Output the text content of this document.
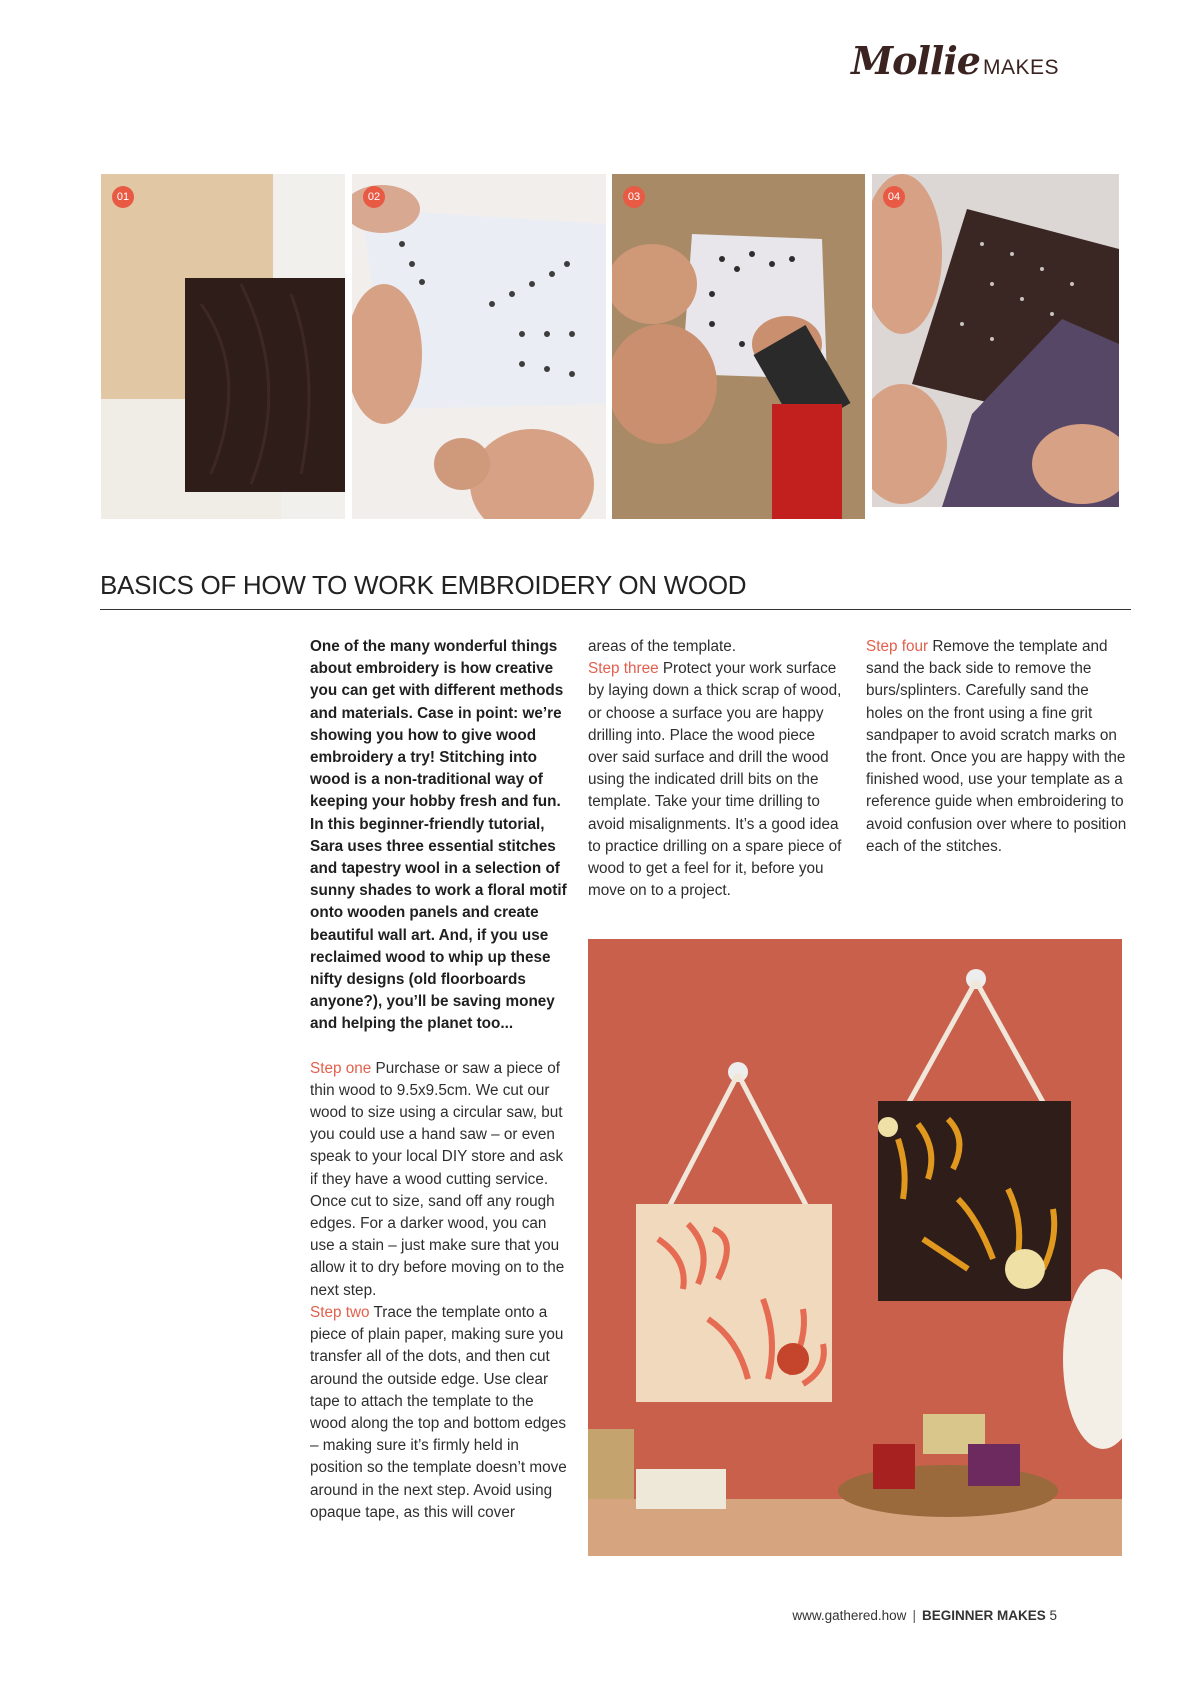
Mollie MAKES
01	02	03	04
BASICS OF HOW TO WORK EMBROIDERY ON WOOD

One of the many wonderful things about embroidery is how creative you can get with different methods and materials. Case in point: we’re showing you how to give wood embroidery a try! Stitching into wood is a non-traditional way of keeping your hobby fresh and fun. In this beginner-friendly tutorial, Sara uses three essential stitches and tapestry wool in a selection of sunny shades to work a floral motif onto wooden panels and create beautiful wall art. And, if you use reclaimed wood to whip up these nifty designs (old floorboards anyone?), you’ll be saving money and helping the planet too...

Step one Purchase or saw a piece of thin wood to 9.5x9.5cm. We cut our wood to size using a circular saw, but you could use a hand saw – or even speak to your local DIY store and ask if they have a wood cutting service. Once cut to size, sand off any rough edges. For a darker wood, you can use a stain – just make sure that you allow it to dry before moving on to the next step.

Step two Trace the template onto a piece of plain paper, making sure you transfer all of the dots, and then cut around the outside edge. Use clear tape to attach the template to the wood along the top and bottom edges – making sure it’s firmly held in position so the template doesn’t move around in the next step. Avoid using opaque tape, as this will cover

areas of the template.

Step three Protect your work surface by laying down a thick scrap of wood, or choose a surface you are happy drilling into. Place the wood piece over said surface and drill the wood using the indicated drill bits on the template. Take your time drilling to avoid misalignments. It’s a good idea to practice drilling on a spare piece of wood to get a feel for it, before you move on to a project.

Step four Remove the template and sand the back side to remove the burs/splinters. Carefully sand the holes on the front using a fine grit sandpaper to avoid scratch marks on the front. Once you are happy with the finished wood, use your template as a reference guide when embroidering to avoid confusion over where to position each of the stitches.

www.gathered.how | BEGINNER MAKES 5
